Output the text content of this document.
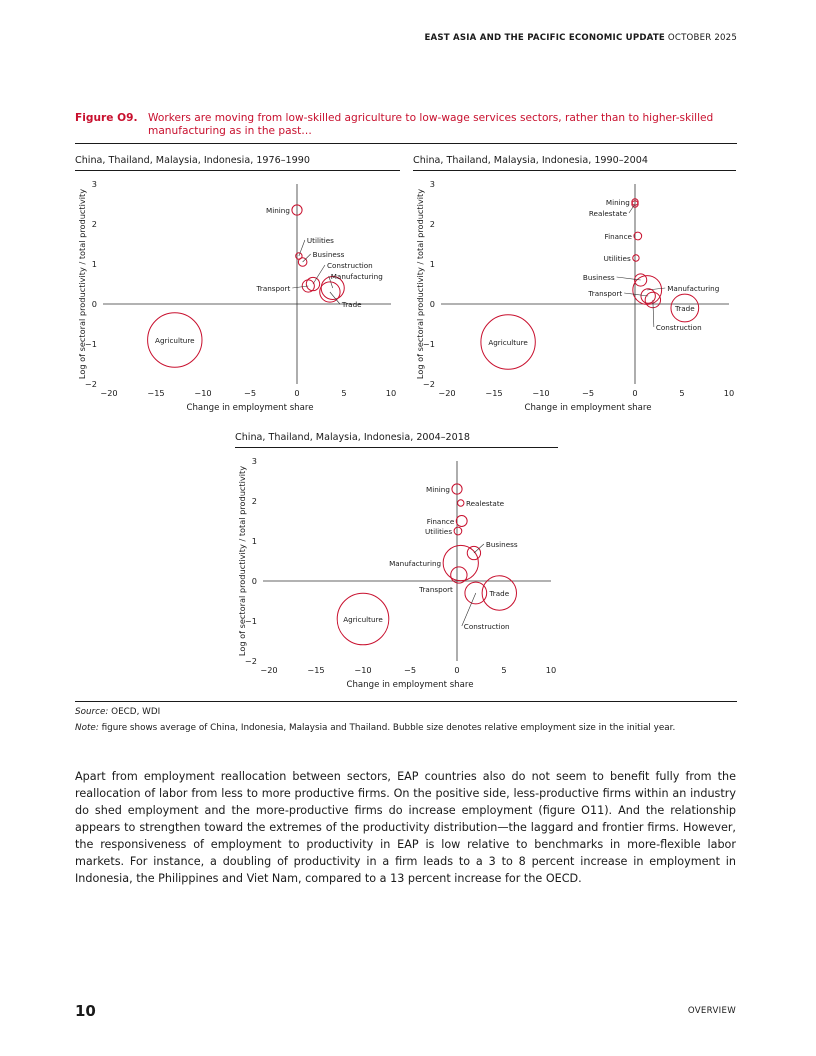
EAST ASIA AND THE PACIFIC ECONOMIC UPDATE OCTOBER 2025
Figure O9. Workers are moving from low-skilled agriculture to low-wage services sectors, rather than to higher-skilled manufacturing as in the past…
China, Thailand, Malaysia, Indonesia, 1976–1990	China, Thailand, Malaysia, Indonesia, 1990–2004
China, Thailand, Malaysia, Indonesia, 2004–2018
Log of sectoral productivity / total productivity
3
2
1
0
−1
−2
−20	−15	−10	−5	0	5	10
Change in employment share
Agriculture
Manufacturing
Trade
Construction
Transport
Mining
Business
Utilities	Log of sectoral productivity / total productivity
3
2
1
0
−1
−2
−20	−15	−10	−5	0	5	10
Change in employment share
Agriculture
Manufacturing
Trade
Construction
Transport
Business
Finance
Utilities
Mining
Realestate
Log of sectoral productivity / total productivity
3
2
1
0
−1
−2
−20	−15	−10	−5	0	5	10
Change in employment share
Agriculture
Manufacturing
Trade
Construction
Transport
Business
Finance
Mining
Utilities
Realestate
Source: OECD, WDI
Note: figure shows average of China, Indonesia, Malaysia and Thailand. Bubble size denotes relative employment size in the initial year.
Apart from employment reallocation between sectors, EAP countries also do not seem to benefit fully from the reallocation of labor from less to more productive firms. On the positive side, less-productive firms within an industry do shed employment and the more-productive firms do increase employment (figure O11). And the relationship appears to strengthen toward the extremes of the productivity distribution—the laggard and frontier firms. However, the responsiveness of employment to productivity in EAP is low relative to benchmarks in more-flexible labor markets. For instance, a doubling of productivity in a firm leads to a 3 to 8 percent increase in employment in Indonesia, the Philippines and Viet Nam, compared to a 13 percent increase for the OECD.
10	OVERVIEW
